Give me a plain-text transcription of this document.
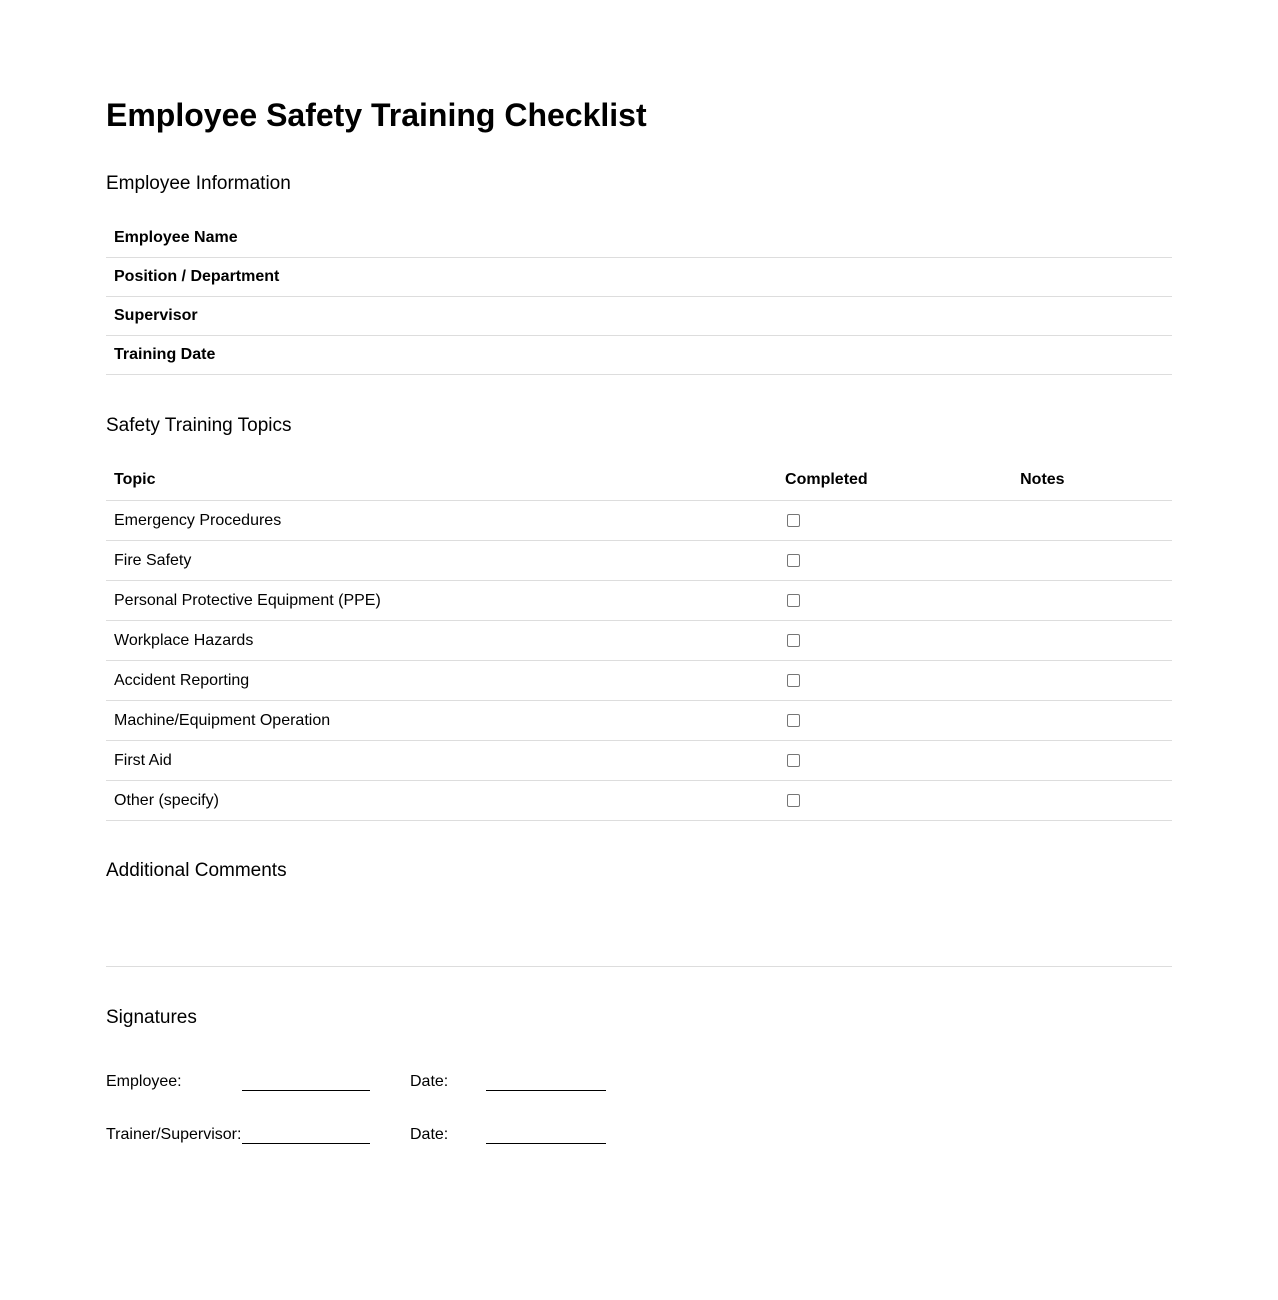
Employee Safety Training Checklist
Employee Information
Employee Name	
Position / Department	
Supervisor	
Training Date	
Safety Training Topics
Topic	Completed	Notes
Emergency Procedures		
Fire Safety		
Personal Protective Equipment (PPE)		
Workplace Hazards		
Accident Reporting		
Machine/Equipment Operation		
First Aid		
Other (specify)		
Additional Comments
Signatures
Employee:	Date:
Trainer/Supervisor:	Date:
